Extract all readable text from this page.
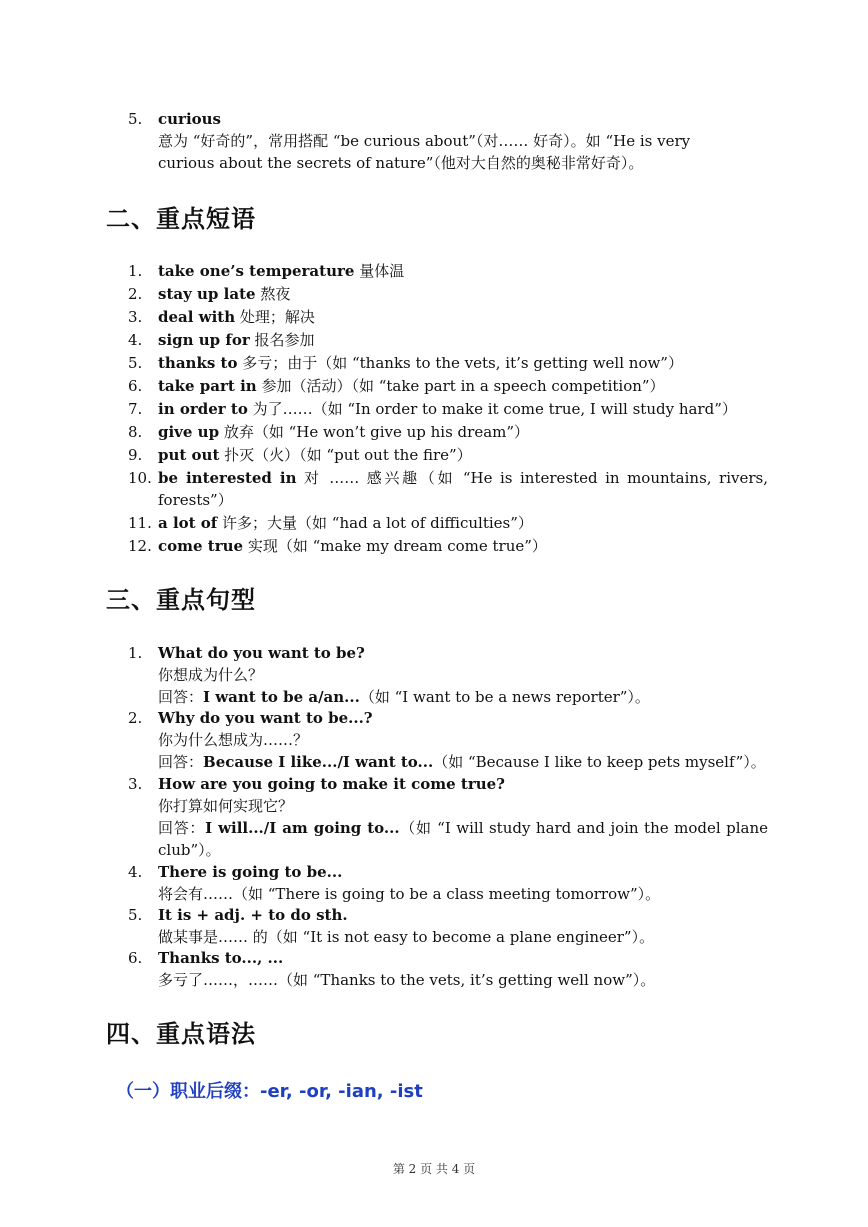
5.	curious
意为 “好奇的”，常用搭配 “be curious about”（对…… 好奇）。如 “He is very
curious about the secrets of nature”（他对大自然的奥秘非常好奇）。
二、重点短语
1.	take one’s temperature 量体温
2.	stay up late 熬夜
3.	deal with 处理；解决
4.	sign up for 报名参加
5.	thanks to 多亏；由于（如 “thanks to the vets, it’s getting well now”）
6.	take part in 参加（活动）（如 “take part in a speech competition”）
7.	in order to 为了……（如 “In order to make it come true, I will study hard”）
8.	give up 放弃（如 “He won’t give up his dream”）
9.	put out 扑灭（火）（如 “put out the fire”）
10. be interested in 对 …… 感兴趣（如 “He is interested in mountains, rivers, forests”）
11. a lot of 许多；大量（如 “had a lot of difficulties”）
12. come true 实现（如 “make my dream come true”）
三、重点句型
1.	What do you want to be?
你想成为什么？
回答：I want to be a/an...（如 “I want to be a news reporter”）。
2.	Why do you want to be...?
你为什么想成为……？
回答：Because I like.../I want to...（如 “Because I like to keep pets myself”）。
3.	How are you going to make it come true?
你打算如何实现它？
回答：I will.../I am going to...（如 “I will study hard and join the model plane club”）。
4.	There is going to be...
将会有……（如 “There is going to be a class meeting tomorrow”）。
5.	It is + adj. + to do sth.
做某事是…… 的（如 “It is not easy to become a plane engineer”）。
6.	Thanks to..., ...
多亏了……，……（如 “Thanks to the vets, it’s getting well now”）。
四、重点语法
（一）职业后缀：-er, -or, -ian, -ist
第 2 页 共 4 页
